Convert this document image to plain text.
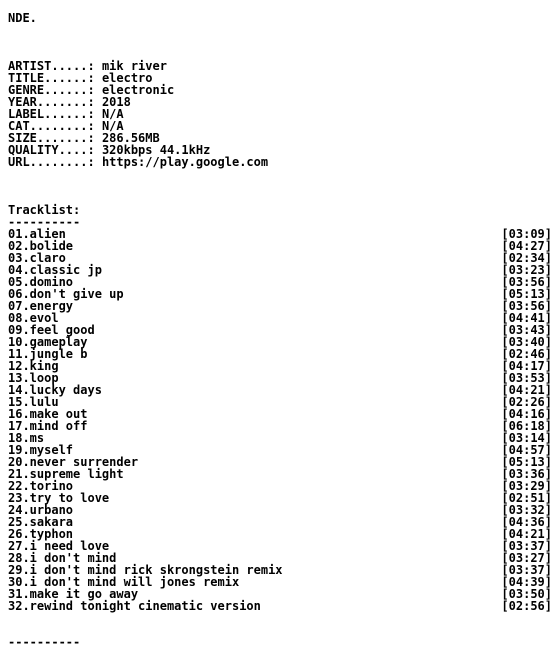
NDE.
ARTIST.....: mik river
TITLE......: electro
GENRE......: electronic
YEAR.......: 2018
LABEL......: N/A
CAT........: N/A
SIZE.......: 286.56MB
QUALITY....: 320kbps 44.1kHz
URL........: https://play.google.com
Tracklist:
----------
01.alien	[03:09]
02.bolide	[04:27]
03.claro	[02:34]
04.classic jp	[03:23]
05.domino	[03:56]
06.don't give up	[05:13]
07.energy	[03:56]
08.evol	[04:41]
09.feel good	[03:43]
10.gameplay	[03:40]
11.jungle b	[02:46]
12.king	[04:17]
13.loop	[03:53]
14.lucky days	[04:21]
15.lulu	[02:26]
16.make out	[04:16]
17.mind off	[06:18]
18.ms	[03:14]
19.myself	[04:57]
20.never surrender	[05:13]
21.supreme light	[03:36]
22.torino	[03:29]
23.try to love	[02:51]
24.urbano	[03:32]
25.sakara	[04:36]
26.typhon	[04:21]
27.i need love	[03:37]
28.i don't mind	[03:27]
29.i don't mind rick skrongstein remix	[03:37]
30.i don't mind will jones remix	[04:39]
31.make it go away	[03:50]
32.rewind tonight cinematic version	[02:56]
----------
